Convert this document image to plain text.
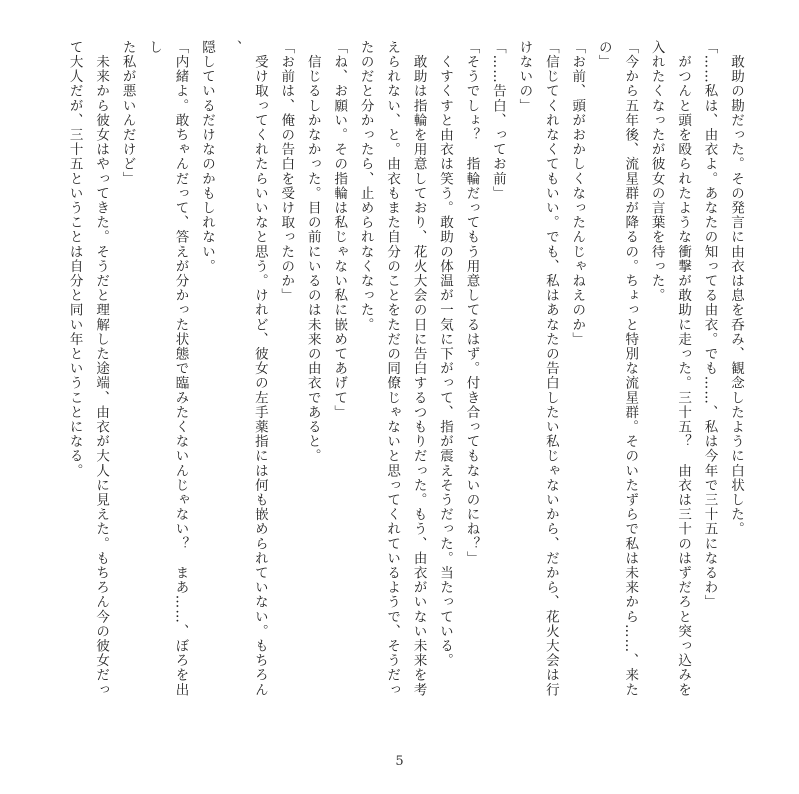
　敢助の勘だった。その発言に由衣は息を呑み、観念したように白状した。

「……私は、由衣よ。あなたの知ってる由衣。でも……、私は今年で三十五になるわ」

　がつんと頭を殴られたような衝撃が敢助に走った。三十五？　由衣は三十のはずだろと突っ込みを

入れたくなったが彼女の言葉を待った。

「今から五年後、流星群が降るの。ちょっと特別な流星群。そのいたずらで私は未来から……、来た

の」

「お前、頭がおかしくなったんじゃねえのか」

「信じてくれなくてもいい。でも、私はあなたの告白したい私じゃないから、だから、花火大会は行

けないの」

「……告白、ってお前」

「そうでしょ？　指輪だってもう用意してるはず。付き合ってもないのにね？」

　くすくすと由衣は笑う。敢助の体温が一気に下がって、指が震えそうだった。当たっている。

　敢助は指輪を用意しており、花火大会の日に告白するつもりだった。もう、由衣がいない未来を考

えられない、と。由衣もまた自分のことをただの同僚じゃないと思ってくれているようで、そうだっ

たのだと分かったら、止められなくなった。

「ね、お願い。その指輪は私じゃない私に嵌めてあげて」

　信じるしかなかった。目の前にいるのは未来の由衣であると。

「お前は、俺の告白を受け取ったのか」

　受け取ってくれたらいいなと思う。けれど、彼女の左手薬指には何も嵌められていない。もちろん、

隠しているだけなのかもしれない。

「内緒よ。敢ちゃんだって、答えが分かった状態で臨みたくないんじゃない？　まあ……、ぼろを出し

た私が悪いんだけど」

　未来から彼女はやってきた。そうだと理解した途端、由衣が大人に見えた。もちろん今の彼女だっ

て大人だが、三十五ということは自分と同い年ということになる。

5
